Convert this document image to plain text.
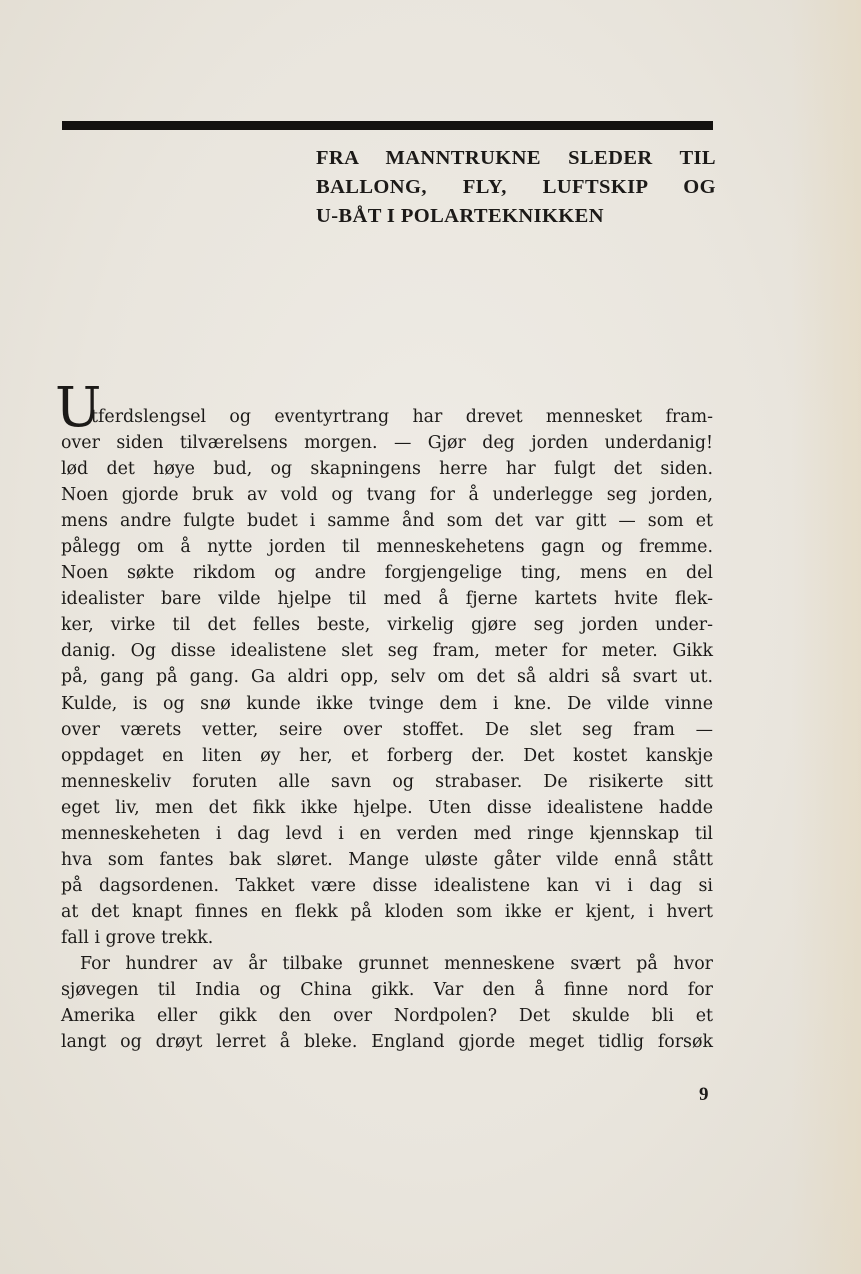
FRA MANNTRUKNE SLEDER TIL
BALLONG, FLY, LUFTSKIP OG
U-BÅT I POLARTEKNIKKEN
U
tferdslengsel og eventyrtrang har drevet mennesket fram-
over siden tilværelsens morgen. — Gjør deg jorden underdanig!
lød det høye bud, og skapningens herre har fulgt det siden.
Noen gjorde bruk av vold og tvang for å underlegge seg jorden,
mens andre fulgte budet i samme ånd som det var gitt — som et
pålegg om å nytte jorden til menneskehetens gagn og fremme.
Noen søkte rikdom og andre forgjengelige ting, mens en del
idealister bare vilde hjelpe til med å fjerne kartets hvite flek-
ker, virke til det felles beste, virkelig gjøre seg jorden under-
danig. Og disse idealistene slet seg fram, meter for meter. Gikk
på, gang på gang. Ga aldri opp, selv om det så aldri så svart ut.
Kulde, is og snø kunde ikke tvinge dem i kne. De vilde vinne
over værets vetter, seire over stoffet. De slet seg fram —
oppdaget en liten øy her, et forberg der. Det kostet kanskje
menneskeliv foruten alle savn og strabaser. De risikerte sitt
eget liv, men det fikk ikke hjelpe. Uten disse idealistene hadde
menneskeheten i dag levd i en verden med ringe kjennskap til
hva som fantes bak sløret. Mange uløste gåter vilde ennå stått
på dagsordenen. Takket være disse idealistene kan vi i dag si
at det knapt finnes en flekk på kloden som ikke er kjent, i hvert
fall i grove trekk.
For hundrer av år tilbake grunnet menneskene svært på hvor
sjøvegen til India og China gikk. Var den å finne nord for
Amerika eller gikk den over Nordpolen? Det skulde bli et
langt og drøyt lerret å bleke. England gjorde meget tidlig forsøk
9
